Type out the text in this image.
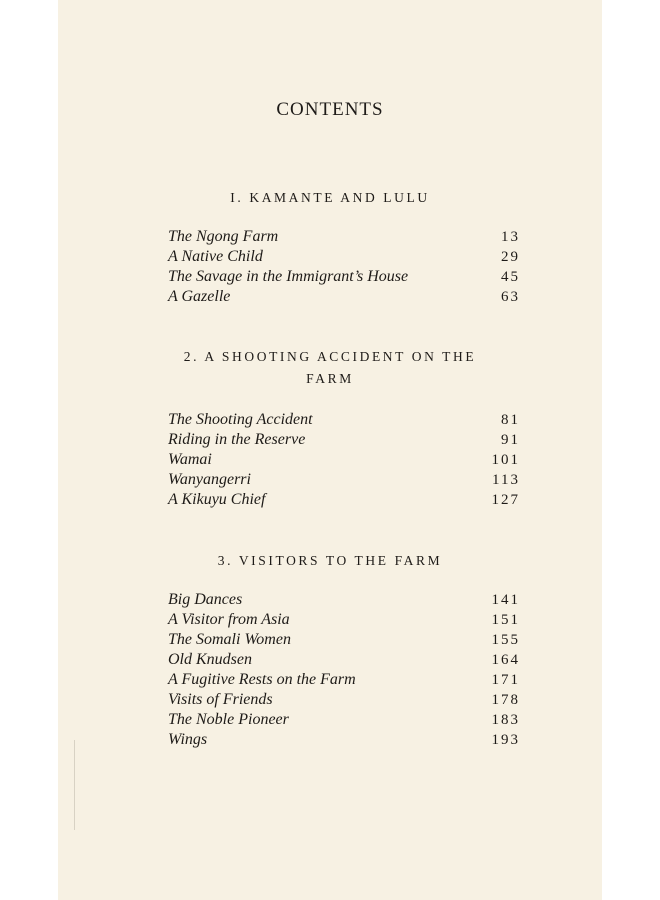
CONTENTS
I. KAMANTE AND LULU
The Ngong Farm	13
A Native Child	29
The Savage in the Immigrant’s House	45
A Gazelle	63
2. A SHOOTING ACCIDENT ON THE
FARM
The Shooting Accident	81
Riding in the Reserve	91
Wamai	101
Wanyangerri	113
A Kikuyu Chief	127
3. VISITORS TO THE FARM
Big Dances	141
A Visitor from Asia	151
The Somali Women	155
Old Knudsen	164
A Fugitive Rests on the Farm	171
Visits of Friends	178
The Noble Pioneer	183
Wings	193
